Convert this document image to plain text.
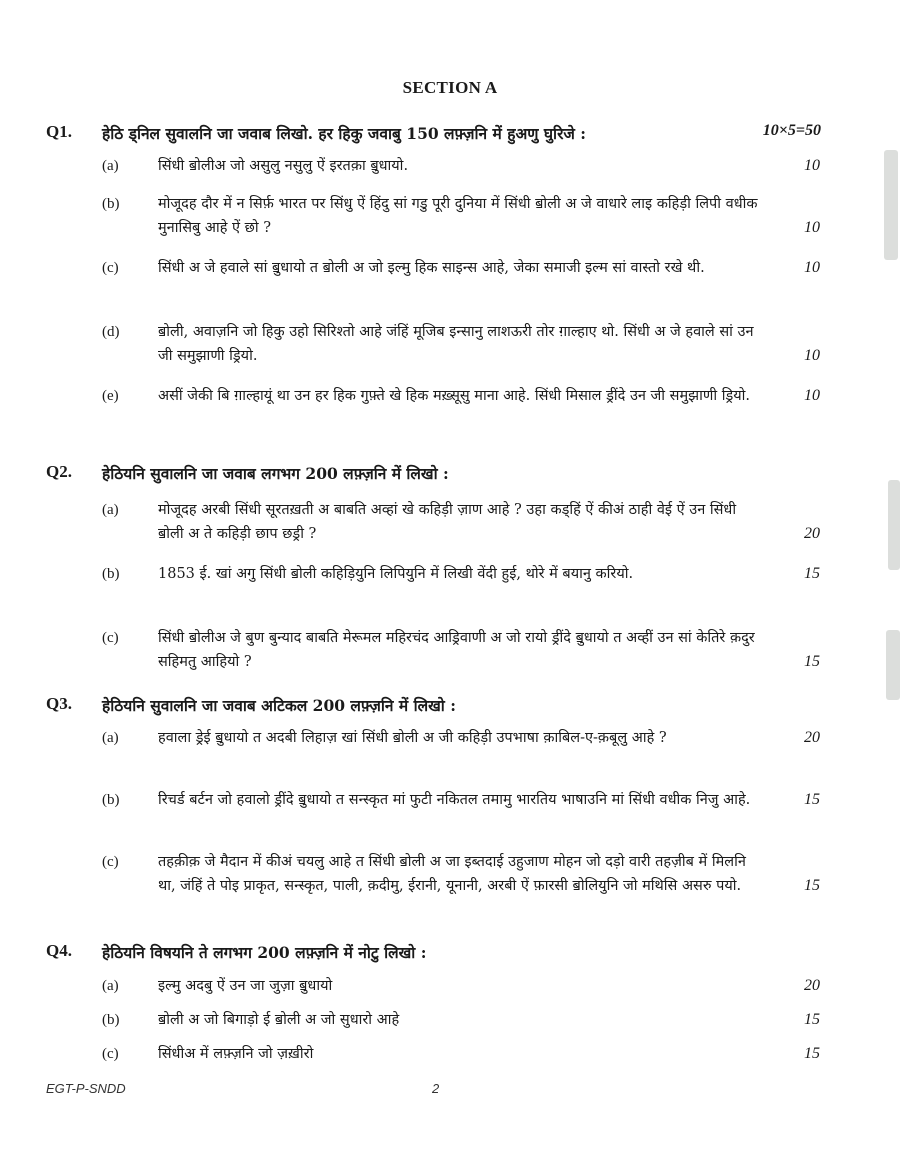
SECTION A
Q1. हेठि ड्निल सुवालनि जा जवाब लिखो. हर हिकु जवाबु 150 लफ़्ज़नि में हुअणु घुरिजे :	10×5=50
(a)	सिंधी ॿोलीअ जो असुलु नसुलु ऐं इरतक़ा ॿुधायो.	10
(b)	मोजूदह दौर में न सिर्फ़ भारत पर सिंधु ऐं हिंदु सां गडु पूरी दुनिया में सिंधी ॿोली अ जे वाधारे लाइ कहिड़ी लिपी वधीक मुनासिबु आहे ऐं छो ?	10
(c)	सिंधी अ जे हवाले सां ॿुधायो त ॿोली अ जो इल्मु हिक साइन्स आहे, जेका समाजी इल्म सां वास्तो रखे थी.	10
(d)	ॿोली, अवाज़नि जो हिकु उहो सिरिश्तो आहे जंहिं मूजिब इन्सानु लाशऊरी तोर ग़ाल्हाए थो. सिंधी अ जे हवाले सां उन जी समुझाणी ड्रियो.	10
(e)	असीं जेकी बि ग़ाल्हायूं था उन हर हिक गुफ़्ते खे हिक मख़्सूसु माना आहे. सिंधी मिसाल ड्रींदे उन जी समुझाणी ड्रियो.	10
Q2. हेठियनि सुवालनि जा जवाब लगभग 200 लफ़्ज़नि में लिखो :
(a)	मोजूदह अरबी सिंधी सूरतख़ती अ बाबति अव्हां खे कहिड़ी ज़ाण आहे ? उहा कड्हिं ऐं कीअं ठाही वेई ऐं उन सिंधी ॿोली अ ते कहिड़ी छाप छड्री ?	20
(b)	1853 ई. खां अगु सिंधी ॿोली कहिड़ियुनि लिपियुनि में लिखी वेंदी हुई, थोरे में बयानु करियो.	15
(c)	सिंधी ॿोलीअ जे बुण बुन्याद बाबति मेरूमल महिरचंद आड्रिवाणी अ जो रायो ड्रींदे ॿुधायो त अव्हीं उन सां केतिरे क़दुर सहिमतु आहियो ?	15
Q3. हेठियनि सुवालनि जा जवाब अटिकल 200 लफ़्ज़नि में लिखो :
(a)	हवाला ड्रेई ॿुधायो त अदबी लिहाज़ खां सिंधी ॿोली अ जी कहिड़ी उपभाषा क़ाबिल-ए-क़बूलु आहे ?	20
(b)	रिचर्ड बर्टन जो हवालो ड्रींदे ॿुधायो त सन्स्कृत मां फुटी नकितल तमामु भारतिय भाषाउनि मां सिंधी वधीक निजु आहे.	15
(c)	तहक़ीक़ जे मैदान में कीअं चयलु आहे त सिंधी ॿोली अ जा इब्तदाई उहुजाण मोहन जो दड़ो वारी तहज़ीब में मिलनि था, जंहिं ते पोइ प्राकृत, सन्स्कृत, पाली, क़दीमु, ईरानी, यूनानी, अरबी ऐं फ़ारसी ॿोलियुनि जो मथिसि असरु पयो.	15
Q4. हेठियनि विषयनि ते लगभग 200 लफ़्ज़नि में नोटु लिखो :
(a)	इल्मु अदबु ऐं उन जा जुज़ा ॿुधायो	20
(b)	ॿोली अ जो बिगाड़ो ई ॿोली अ जो सुधारो आहे	15
(c)	सिंधीअ में लफ़्ज़नि जो ज़ख़ीरो	15
EGT-P-SNDD	2
